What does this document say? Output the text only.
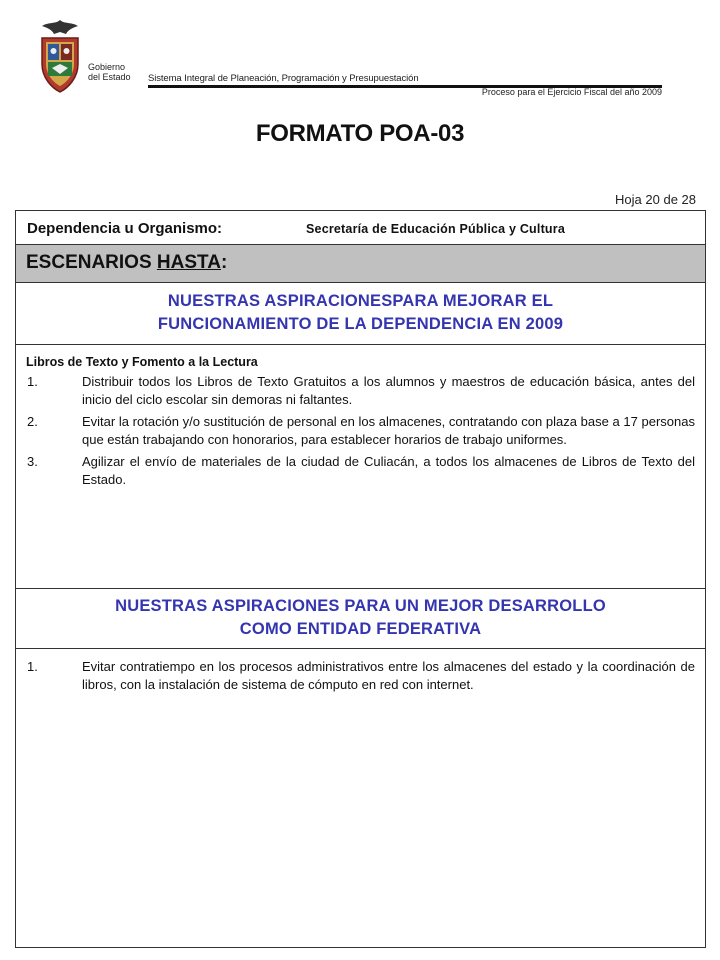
Gobierno
del Estado Sistema Integral de Planeación, Programación y Presupuestación
Proceso para el Ejercicio Fiscal del año 2009
FORMATO POA-03
Hoja 20 de 28
Dependencia u Organismo:	Secretaría de Educación Pública y Cultura
ESCENARIOS HASTA:
NUESTRAS ASPIRACIONESPARA MEJORAR EL
FUNCIONAMIENTO DE LA DEPENDENCIA EN 2009
Libros de Texto y Fomento a la Lectura
1.	Distribuir todos los Libros de Texto Gratuitos a los alumnos y maestros de educación básica, antes del inicio del ciclo escolar sin demoras ni faltantes.
2.	Evitar la rotación y/o sustitución de personal en los almacenes, contratando con plaza base a 17 personas que están trabajando con honorarios, para establecer horarios de trabajo uniformes.
3.	Agilizar el envío de materiales de la ciudad de Culiacán, a todos los almacenes de Libros de Texto del Estado.
NUESTRAS ASPIRACIONES PARA UN MEJOR DESARROLLO
COMO ENTIDAD FEDERATIVA
1.	Evitar contratiempo en los procesos administrativos entre los almacenes del estado y la coordinación de libros, con la instalación de sistema de cómputo en red con internet.
